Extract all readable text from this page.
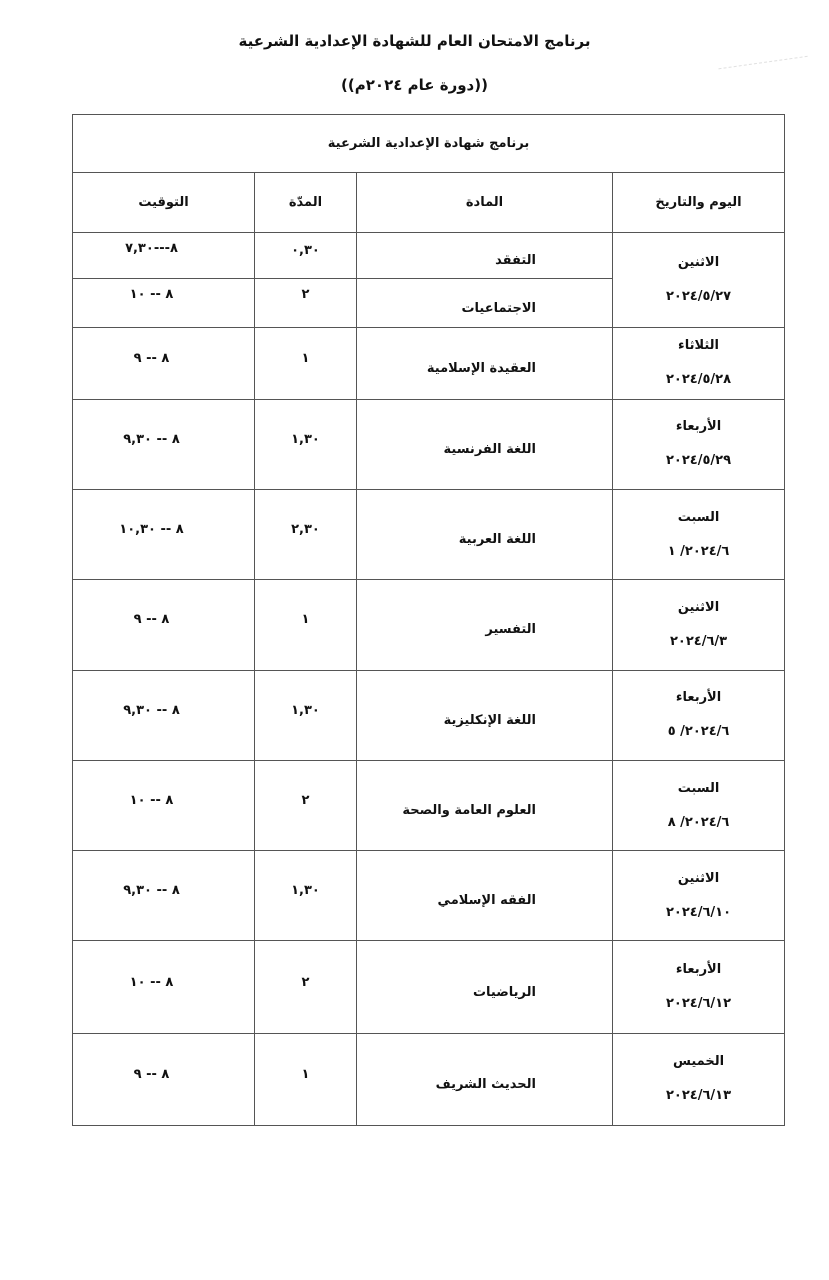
برنامج الامتحان العام للشهادة الإعدادية الشرعية
((دورة عام ٢٠٢٤م))
برنامج شهادة الإعدادية الشرعية			
التوقيت	المدّة	المادة	اليوم والتاريخ
٨---٧,٣٠	٠,٣٠	التفقد	الاثنين
٢٠٢٤/٥/٢٧

٨ -- ١٠	٢	الاجتماعيات	
٨ -- ٩	١	العقيدة الإسلامية	الثلاثاء
٢٠٢٤/٥/٢٨

٨ -- ٩,٣٠	١,٣٠	اللغة الفرنسية	الأربعاء
٢٠٢٤/٥/٢٩

٨ -- ١٠,٣٠	٢,٣٠	اللغة العربية	السبت
٢٠٢٤/٦/ ١

٨ -- ٩	١	التفسير	الاثنين
٢٠٢٤/٦/٣

٨ -- ٩,٣٠	١,٣٠	اللغة الإنكليزية	الأربعاء
٢٠٢٤/٦/ ٥

٨ -- ١٠	٢	العلوم العامة والصحة	السبت
٢٠٢٤/٦/ ٨

٨ -- ٩,٣٠	١,٣٠	الفقه الإسلامي	الاثنين
٢٠٢٤/٦/١٠

٨ -- ١٠	٢	الرياضيات	الأربعاء
٢٠٢٤/٦/١٢

٨ -- ٩	١	الحديث الشريف	الخميس
٢٠٢٤/٦/١٣
